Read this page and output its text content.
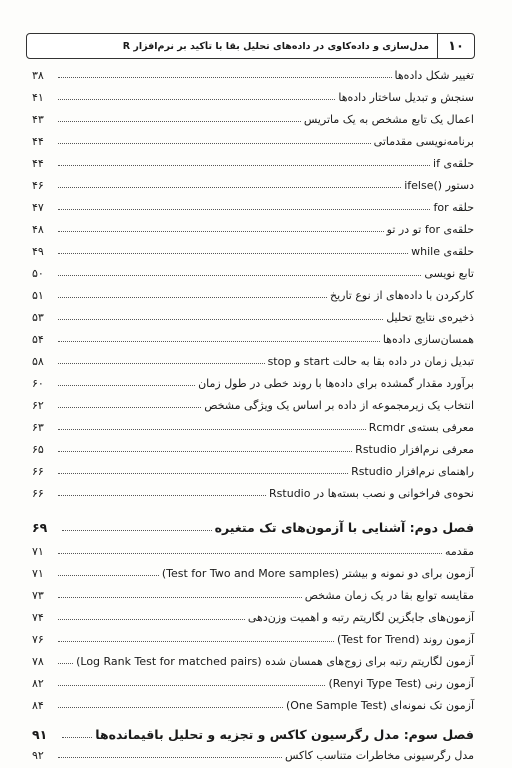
۱۰
مدل‌سازی و داده‌کاوی در داده‌های تحلیل بقا با تأکید بر نرم‌افزار R
تغییر شکل داده‌ها
۳۸
سنجش و تبدیل ساختار داده‌ها
۴۱
اعمال یک تابع مشخص به یک ماتریس
۴۳
برنامه‌نویسی مقدماتی
۴۴
حلقه‌ی if
۴۴
دستور ()ifelse
۴۶
حلقه for
۴۷
حلقه‌ی for تو در تو
۴۸
حلقه‌ی while
۴۹
تابع نویسی
۵۰
کارکردن با داده‌های از نوع تاریخ
۵۱
ذخیره‌ی نتایج تحلیل
۵۳
همسان‌سازی داده‌ها
۵۴
تبدیل زمان در داده بقا به حالت start و stop
۵۸
برآورد مقدار گمشده برای داده‌ها با روند خطی در طول زمان
۶۰
انتخاب یک زیرمجموعه از داده بر اساس یک ویژگی مشخص
۶۲
معرفی بسته‌ی Rcmdr
۶۳
معرفی نرم‌افزار Rstudio
۶۵
راهنمای نرم‌افزار Rstudio
۶۶
نحوه‌ی فراخوانی و نصب بسته‌ها در Rstudio
۶۶
فصل دوم: آشنایی با آزمون‌های تک متغیره
۶۹
مقدمه
۷۱
آزمون برای دو نمونه و بیشتر (Test for Two and More samples)
۷۱
مقایسه توابع بقا در یک زمان مشخص
۷۳
آزمون‌های جایگزین لگاریتم رتبه و اهمیت وزن‌دهی
۷۴
آزمون روند (Test for Trend)
۷۶
آزمون لگاریتم رتبه برای زوج‌های همسان شده (Log Rank Test for matched pairs)
۷۸
آزمون رنی (Renyi Type Test)
۸۲
آزمون تک نمونه‌ای (One Sample Test)
۸۴
فصل سوم: مدل رگرسیون کاکس و تجزیه و تحلیل باقیمانده‌ها
۹۱
مدل رگرسیونی مخاطرات متناسب کاکس
۹۲
